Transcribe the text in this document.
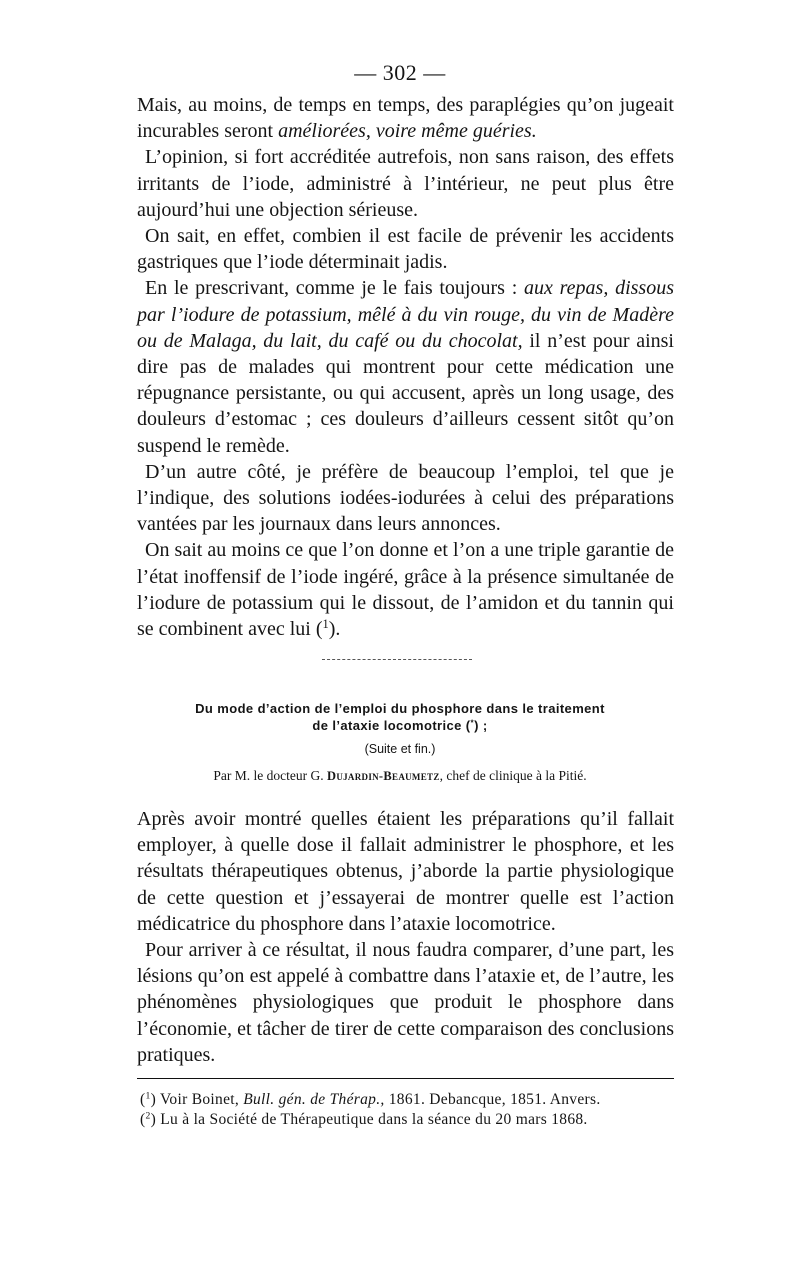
— 302 —

Mais, au moins, de temps en temps, des paraplégies qu’on jugeait incurables seront améliorées, voire même guéries.

L’opinion, si fort accréditée autrefois, non sans raison, des effets irritants de l’iode, administré à l’intérieur, ne peut plus être aujourd’hui une objection sérieuse.

On sait, en effet, combien il est facile de prévenir les accidents gastriques que l’iode déterminait jadis.

En le prescrivant, comme je le fais toujours : aux repas, dissous par l’iodure de potassium, mêlé à du vin rouge, du vin de Madère ou de Malaga, du lait, du café ou du chocolat, il n’est pour ainsi dire pas de malades qui montrent pour cette médication une répugnance persistante, ou qui accusent, après un long usage, des douleurs d’estomac ; ces douleurs d’ailleurs cessent sitôt qu’on suspend le remède.

D’un autre côté, je préfère de beaucoup l’emploi, tel que je l’indique, des solutions iodées-iodurées à celui des préparations vantées par les journaux dans leurs annonces.

On sait au moins ce que l’on donne et l’on a une triple garantie de l’état inoffensif de l’iode ingéré, grâce à la présence simultanée de l’iodure de potassium qui le dissout, de l’amidon et du tannin qui se combinent avec lui ($^1$).

Du mode d’action de l’emploi du phosphore dans le traitement
de l’ataxie locomotrice (*) ;
(Suite et fin.)
Par M. le docteur G. Dujardin-Beaumetz, chef de clinique à la Pitié.

Après avoir montré quelles étaient les préparations qu’il fallait employer, à quelle dose il fallait administrer le phosphore, et les résultats thérapeutiques obtenus, j’aborde la partie physiologique de cette question et j’essayerai de montrer quelle est l’action médicatrice du phosphore dans l’ataxie locomotrice.

Pour arriver à ce résultat, il nous faudra comparer, d’une part, les lésions qu’on est appelé à combattre dans l’ataxie et, de l’autre, les phénomènes physiologiques que produit le phosphore dans l’économie, et tâcher de tirer de cette comparaison des conclusions pratiques.

($^1$) Voir Boinet, Bull. gén. de Thérap., 1861. Debancque, 1851. Anvers.
($^2$) Lu à la Société de Thérapeutique dans la séance du 20 mars 1868.
